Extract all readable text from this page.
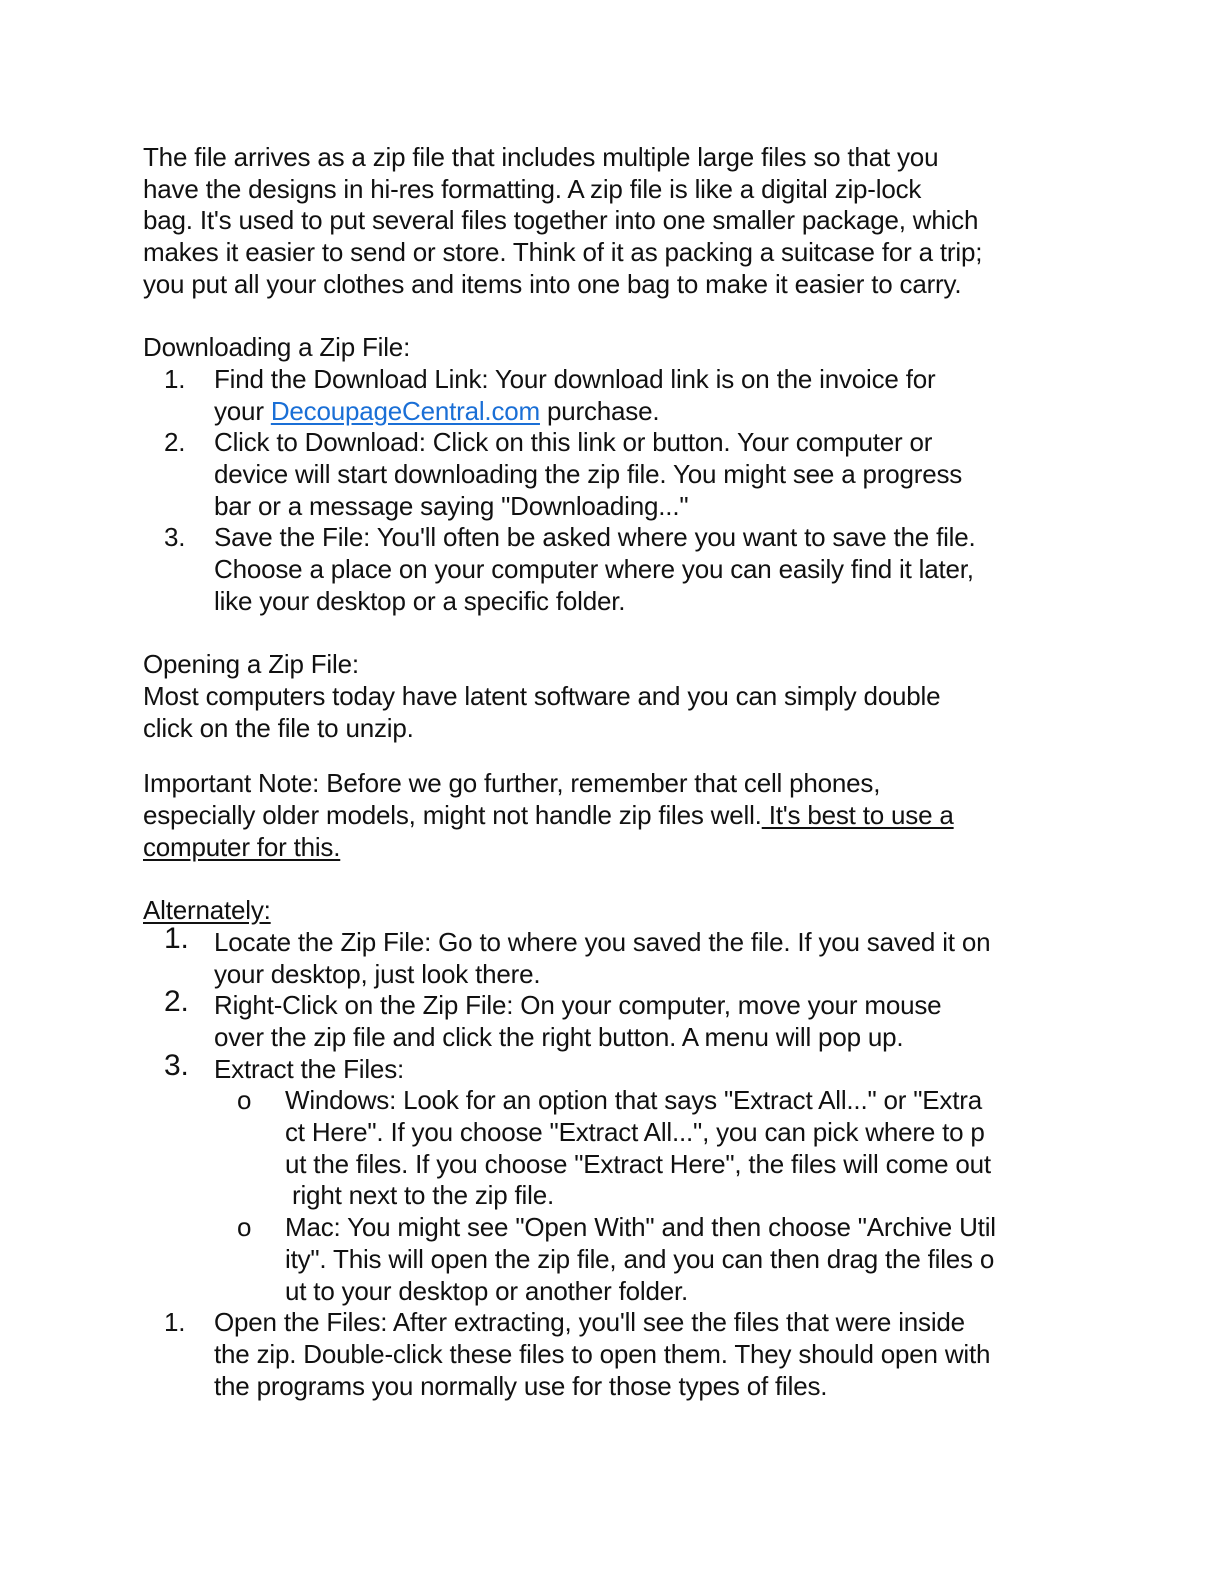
The file arrives as a zip file that includes multiple large files so that you
have the designs in hi-res formatting. A zip file is like a digital zip-lock
bag. It's used to put several files together into one smaller package, which
makes it easier to send or store. Think of it as packing a suitcase for a trip;
you put all your clothes and items into one bag to make it easier to carry.

Downloading a Zip File:

1.	Find the Download Link: Your download link is on the invoice for
your DecoupageCentral.com purchase.
2.	Click to Download: Click on this link or button. Your computer or
device will start downloading the zip file. You might see a progress
bar or a message saying "Downloading..."
3.	Save the File: You'll often be asked where you want to save the file.
Choose a place on your computer where you can easily find it later,
like your desktop or a specific folder.

Opening a Zip File:

Most computers today have latent software and you can simply double
click on the file to unzip.

Important Note: Before we go further, remember that cell phones,
especially older models, might not handle zip files well. It's best to use a
computer for this.

Alternately:

1. Locate the Zip File: Go to where you saved the file. If you saved it on
your desktop, just look there.
2. Right-Click on the Zip File: On your computer, move your mouse
over the zip file and click the right button. A menu will pop up.
3. Extract the Files:
o Windows: Look for an option that says "Extract All..." or "Extra
ct Here". If you choose "Extract All...", you can pick where to p
ut the files. If you choose "Extract Here", the files will come out
right next to the zip file.
o Mac: You might see "Open With" and then choose "Archive Util
ity". This will open the zip file, and you can then drag the files o
ut to your desktop or another folder.
1.	Open the Files: After extracting, you'll see the files that were inside
the zip. Double-click these files to open them. They should open with
the programs you normally use for those types of files.
